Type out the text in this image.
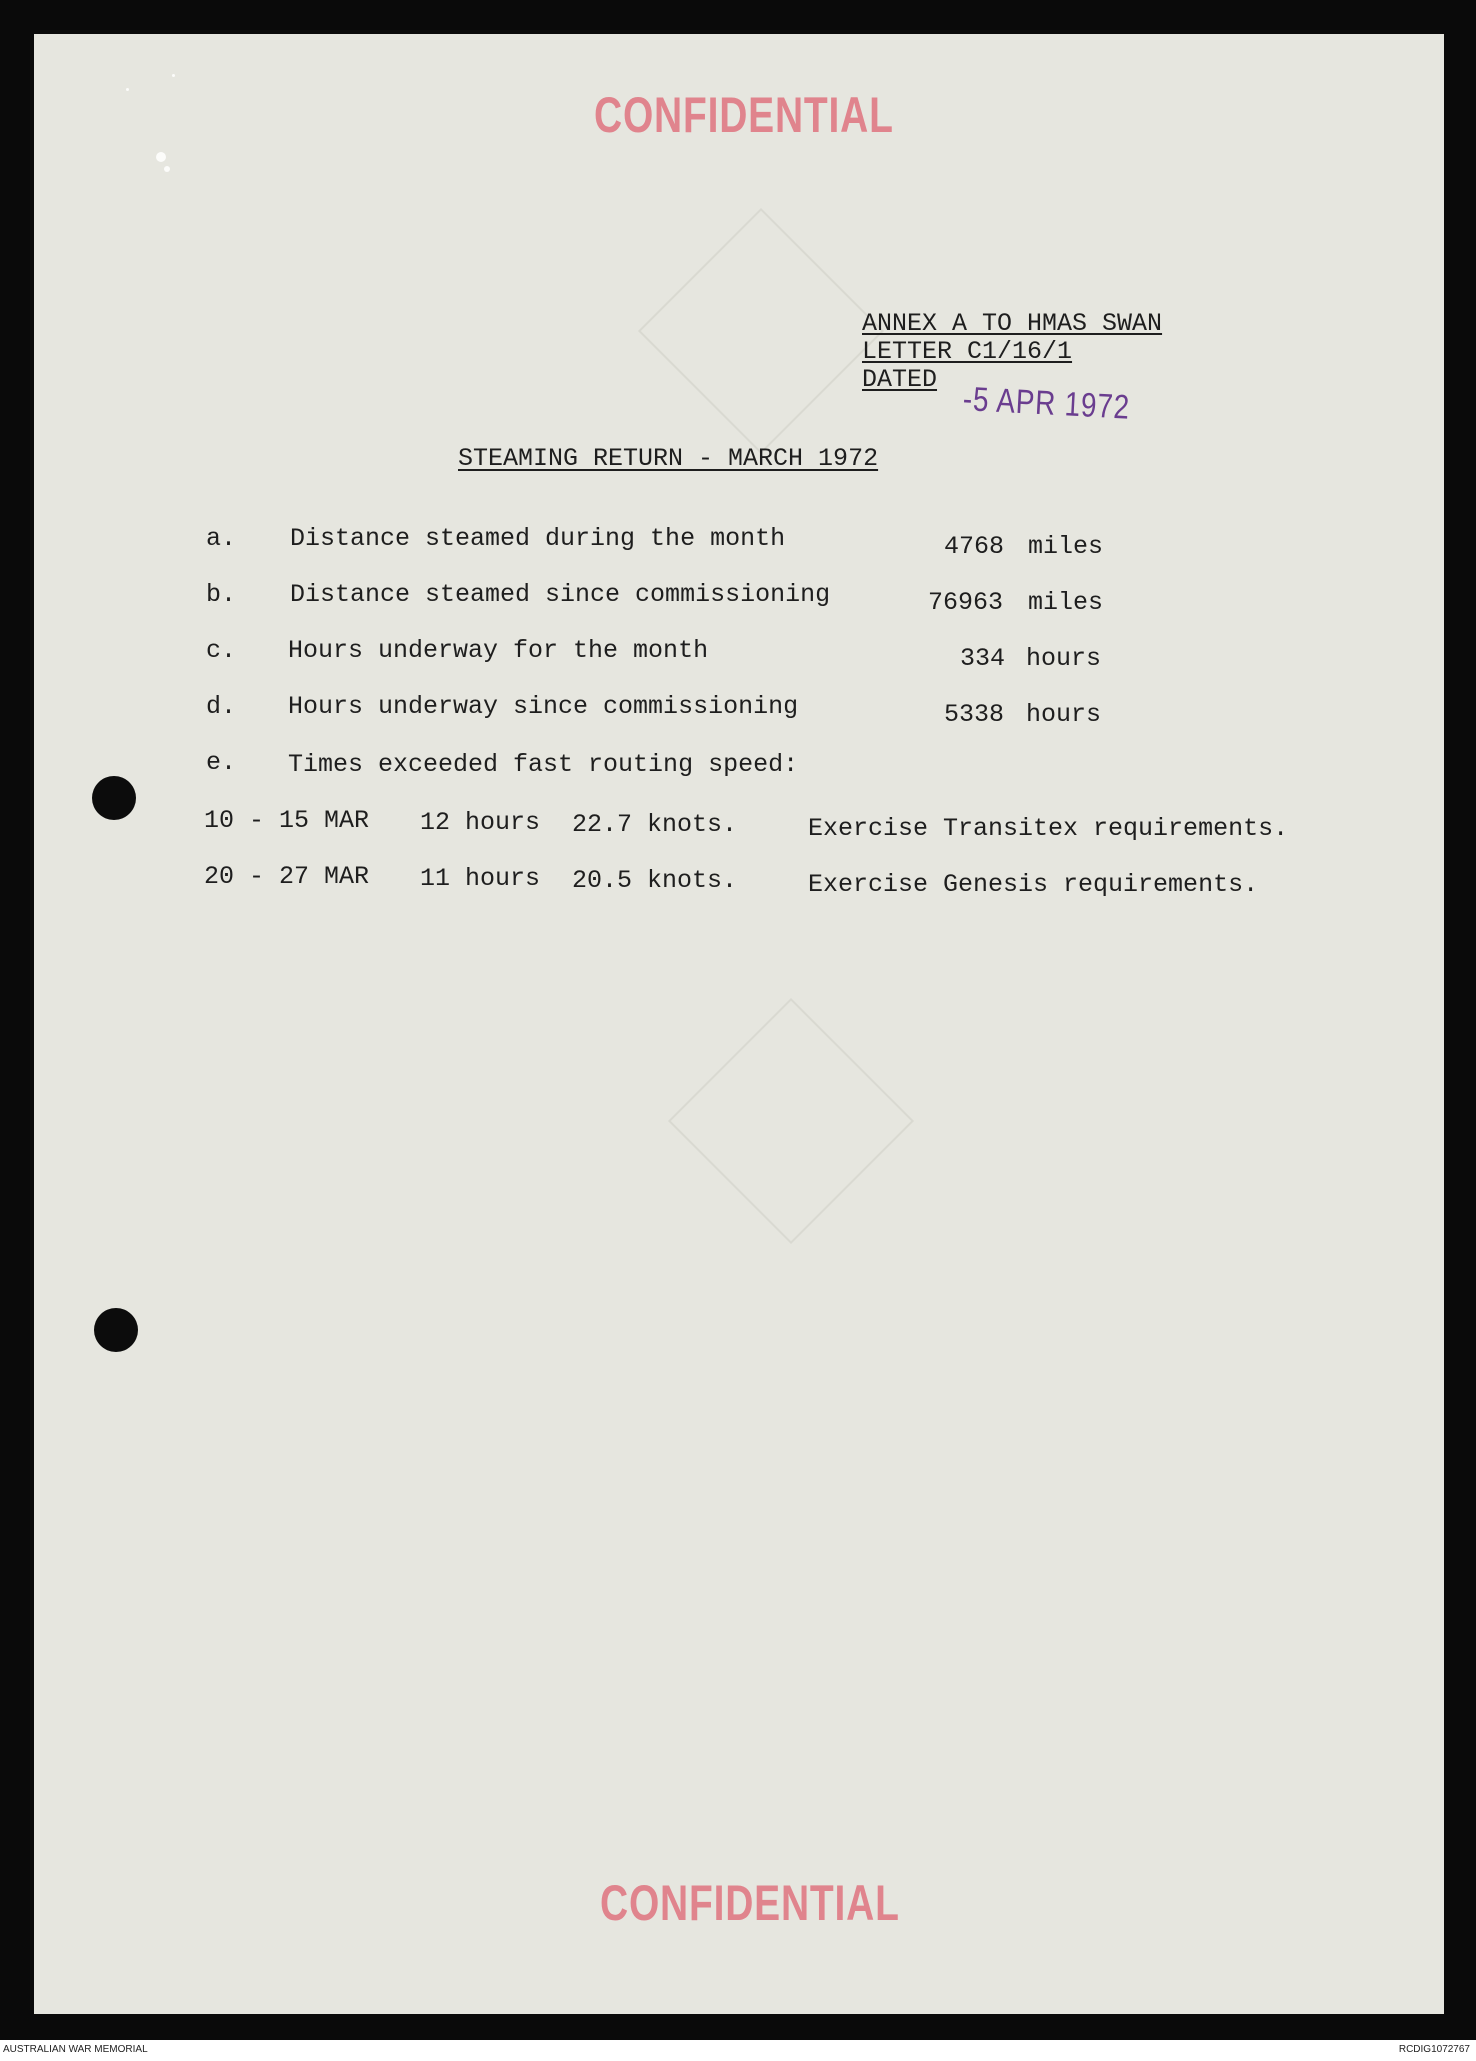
CONFIDENTIAL
ANNEX A TO HMAS SWAN
LETTER C1/16/1
DATED
-5 APR 1972
STEAMING RETURN - MARCH 1972
a. Distance steamed during the month	4768 miles
b. Distance steamed since commissioning	76963 miles
c. Hours underway for the month	334 hours
d. Hours underway since commissioning	5338 hours
e. Times exceeded fast routing speed:
10 - 15 MAR 12 hours 22.7 knots.	Exercise Transitex requirements.
20 - 27 MAR 11 hours 20.5 knots.	Exercise Genesis requirements.
CONFIDENTIAL
AUSTRALIAN WAR MEMORIAL	RCDIG1072767
